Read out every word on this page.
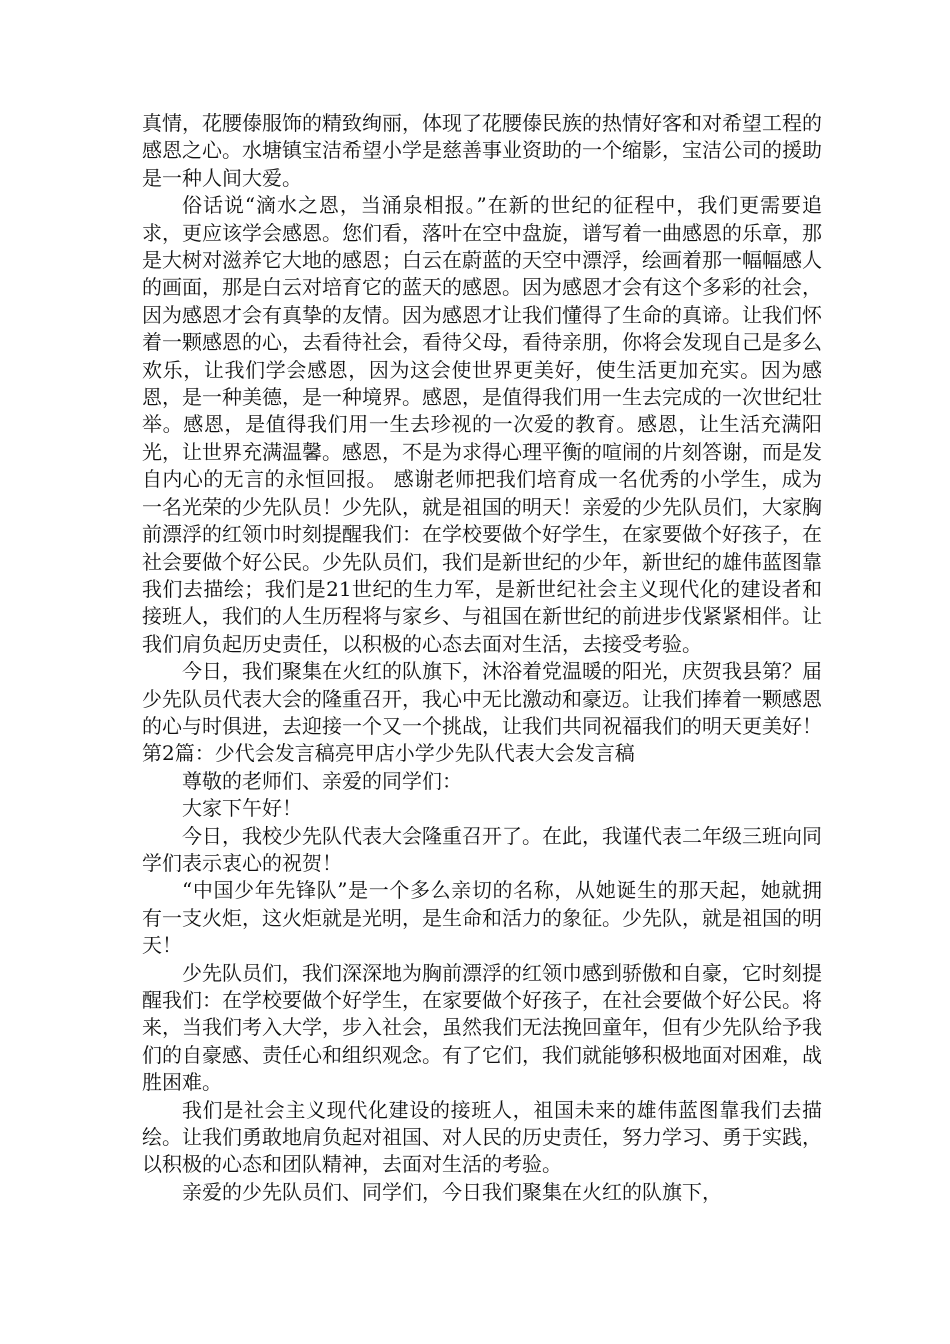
真情，花腰傣服饰的精致绚丽，体现了花腰傣民族的热情好客和对希望工程的感恩之心。水塘镇宝洁希望小学是慈善事业资助的一个缩影，宝洁公司的援助是一种人间大爱。

俗话说“滴水之恩，当涌泉相报。”在新的世纪的征程中，我们更需要追求，更应该学会感恩。您们看，落叶在空中盘旋，谱写着一曲感恩的乐章，那是大树对滋养它大地的感恩；白云在蔚蓝的天空中漂浮，绘画着那一幅幅感人的画面，那是白云对培育它的蓝天的感恩。因为感恩才会有这个多彩的社会，因为感恩才会有真挚的友情。因为感恩才让我们懂得了生命的真谛。让我们怀着一颗感恩的心，去看待社会，看待父母，看待亲朋，你将会发现自己是多么欢乐，让我们学会感恩，因为这会使世界更美好，使生活更加充实。因为感恩，是一种美德，是一种境界。感恩，是值得我们用一生去完成的一次世纪壮举。感恩，是值得我们用一生去珍视的一次爱的教育。感恩，让生活充满阳光，让世界充满温馨。感恩，不是为求得心理平衡的喧闹的片刻答谢，而是发自内心的无言的永恒回报。 感谢老师把我们培育成一名优秀的小学生，成为一名光荣的少先队员！少先队，就是祖国的明天！亲爱的少先队员们，大家胸前漂浮的红领巾时刻提醒我们：在学校要做个好学生，在家要做个好孩子，在社会要做个好公民。少先队员们，我们是新世纪的少年，新世纪的雄伟蓝图靠我们去描绘；我们是21世纪的生力军，是新世纪社会主义现代化的建设者和接班人，我们的人生历程将与家乡、与祖国在新世纪的前进步伐紧紧相伴。让我们肩负起历史责任，以积极的心态去面对生活，去接受考验。

今日，我们聚集在火红的队旗下，沐浴着党温暖的阳光，庆贺我县第？届少先队员代表大会的隆重召开，我心中无比激动和豪迈。让我们捧着一颗感恩的心与时俱进，去迎接一个又一个挑战，让我们共同祝福我们的明天更美好！第2篇：少代会发言稿亮甲店小学少先队代表大会发言稿

尊敬的老师们、亲爱的同学们：

大家下午好！

今日，我校少先队代表大会隆重召开了。在此，我谨代表二年级三班向同学们表示衷心的祝贺！

“中国少年先锋队”是一个多么亲切的名称，从她诞生的那天起，她就拥有一支火炬，这火炬就是光明，是生命和活力的象征。少先队，就是祖国的明天！

少先队员们，我们深深地为胸前漂浮的红领巾感到骄傲和自豪，它时刻提醒我们：在学校要做个好学生，在家要做个好孩子，在社会要做个好公民。将来，当我们考入大学，步入社会，虽然我们无法挽回童年，但有少先队给予我们的自豪感、责任心和组织观念。有了它们，我们就能够积极地面对困难，战胜困难。

我们是社会主义现代化建设的接班人，祖国未来的雄伟蓝图靠我们去描绘。让我们勇敢地肩负起对祖国、对人民的历史责任，努力学习、勇于实践，以积极的心态和团队精神，去面对生活的考验。

亲爱的少先队员们、同学们，今日我们聚集在火红的队旗下，
